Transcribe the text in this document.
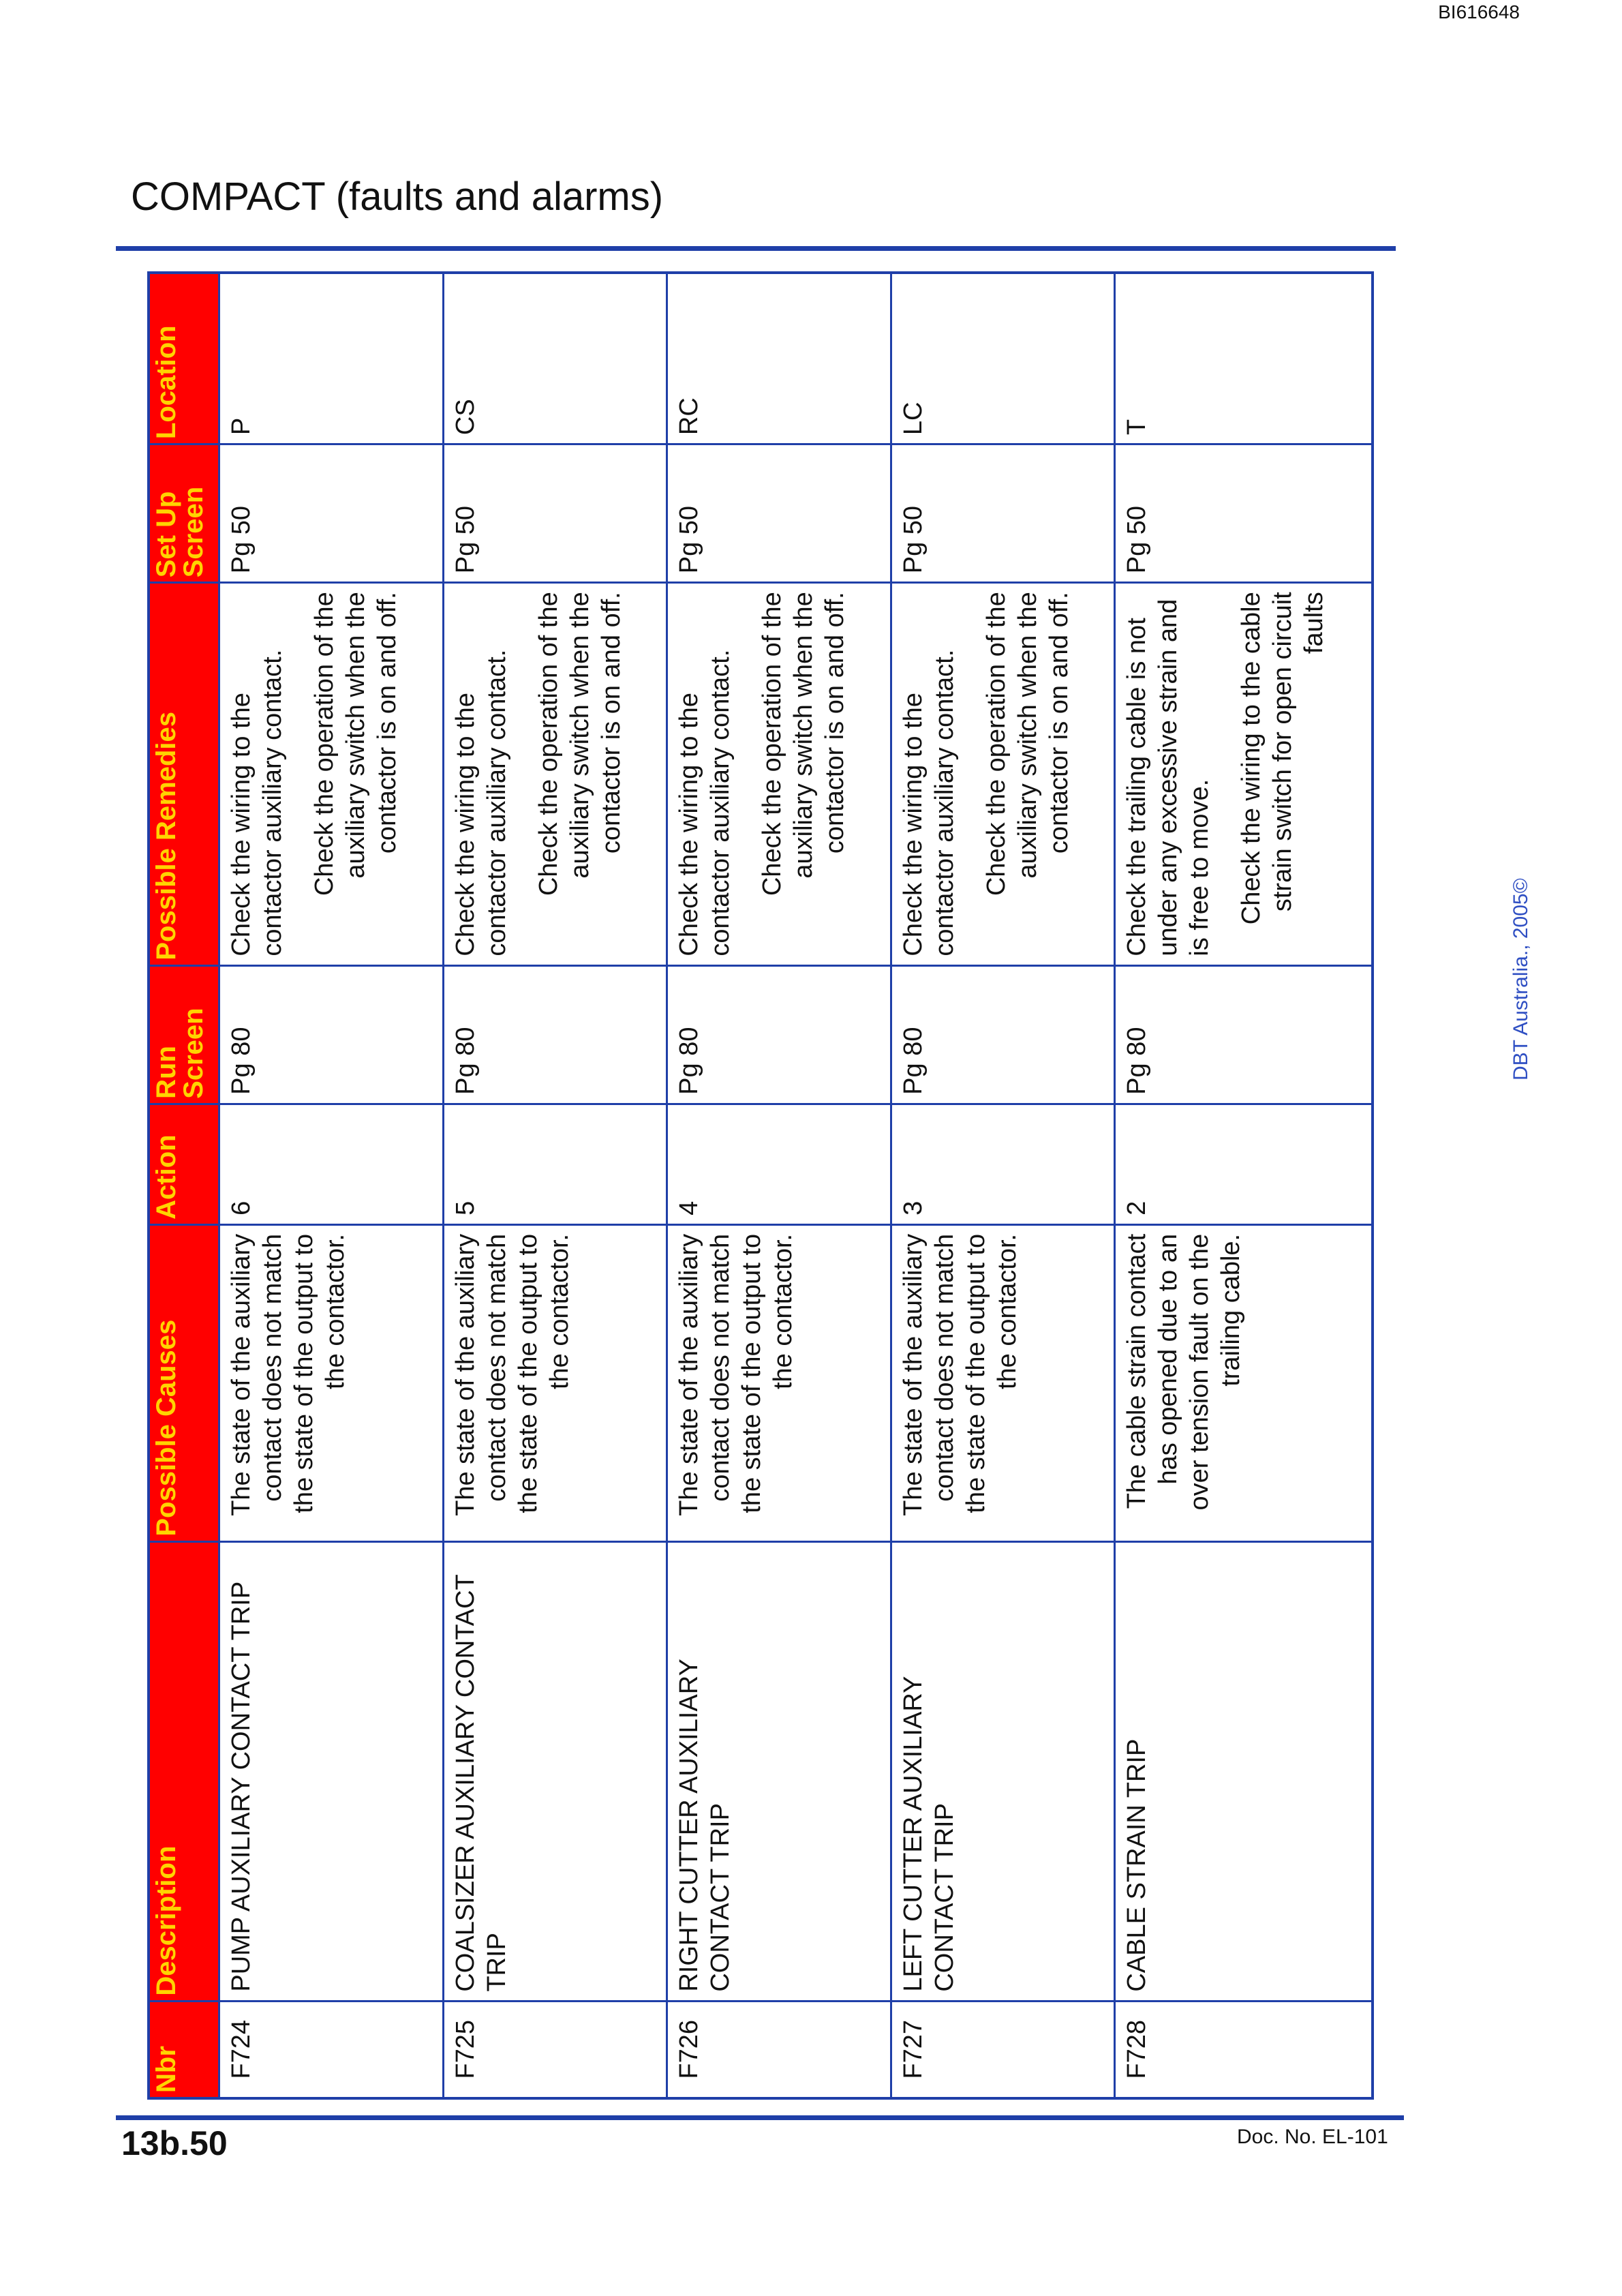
BI616648
COMPACT (faults and alarms)
Nbr	Description	Possible Causes	Action	Run Screen	Possible Remedies	Set Up Screen	Location
F724	PUMP AUXILIARY CONTACT TRIP	The state of the auxiliary contact does not match the state of the output to the contactor.	6	Pg 80	Check the wiring to the contactor auxiliary contact. Check the operation of the auxiliary switch when the contactor is on and off.	Pg 50	P
F725	COALSIZER AUXILIARY CONTACT TRIP	The state of the auxiliary contact does not match the state of the output to the contactor.	5	Pg 80	Check the wiring to the contactor auxiliary contact. Check the operation of the auxiliary switch when the contactor is on and off.	Pg 50	CS
F726	RIGHT CUTTER AUXILIARY CONTACT TRIP	The state of the auxiliary contact does not match the state of the output to the contactor.	4	Pg 80	Check the wiring to the contactor auxiliary contact. Check the operation of the auxiliary switch when the contactor is on and off.	Pg 50	RC
F727	LEFT CUTTER AUXILIARY CONTACT TRIP	The state of the auxiliary contact does not match the state of the output to the contactor.	3	Pg 80	Check the wiring to the contactor auxiliary contact. Check the operation of the auxiliary switch when the contactor is on and off.	Pg 50	LC
F728	CABLE STRAIN TRIP	The cable strain contact has opened due to an over tension fault on the trailing cable.	2	Pg 80	Check the trailing cable is not under any excessive strain and is free to move. Check the wiring to the cable strain switch for open circuit faults	Pg 50	T
DBT Australia., 2005©
13b.50	Doc. No. EL-101
